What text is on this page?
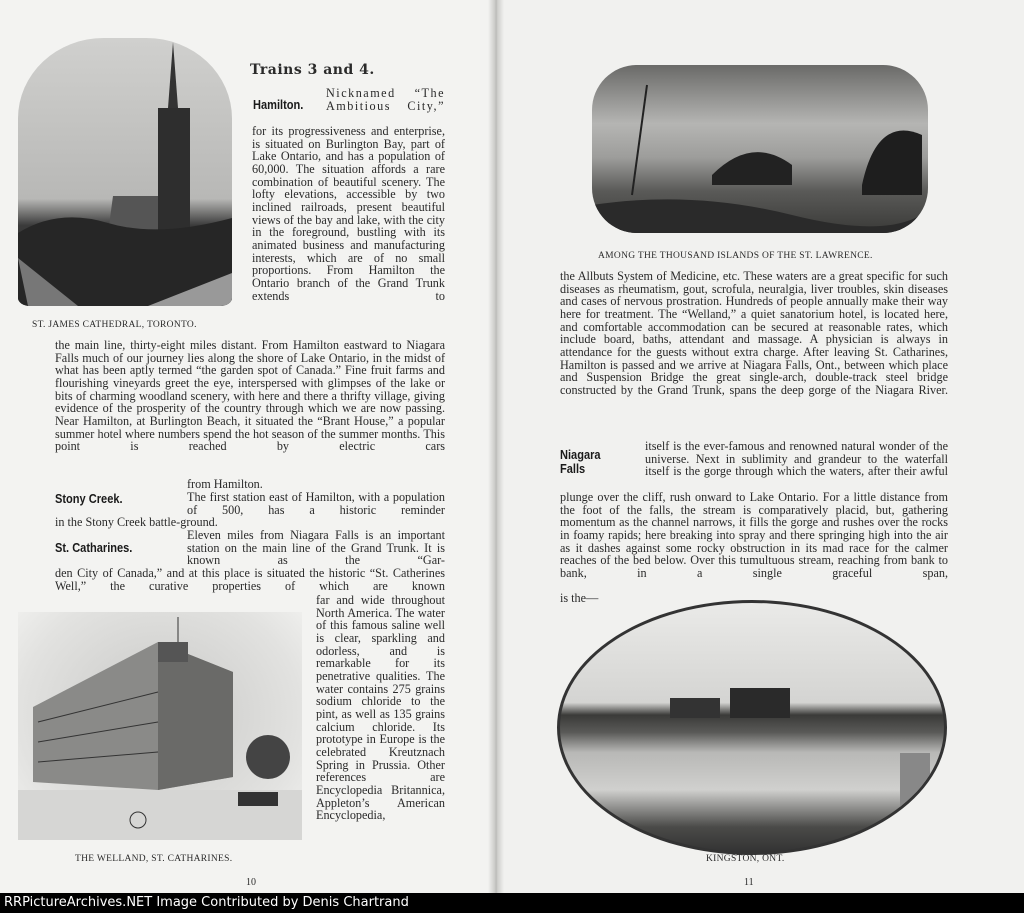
ST. JAMES CATHEDRAL, TORONTO.
Trains 3 and 4.
Hamilton.
Nicknamed “The Ambitious City,”
for its progressiveness and enterprise, is situated on Burlington Bay, part of Lake Ontario, and has a population of 60,000. The situation affords a rare combination of beautiful scenery. The lofty elevations, accessible by two inclined railroads, present beautiful views of the bay and lake, with the city in the foreground, bustling with its animated business and manufacturing interests, which are of no small proportions. From Hamilton the Ontario branch of the Grand Trunk extends to
the main line, thirty-eight miles distant. From Hamilton eastward to Niagara Falls much of our journey lies along the shore of Lake Ontario, in the midst of what has been aptly termed “the garden spot of Canada.” Fine fruit farms and flourishing vineyards greet the eye, interspersed with glimpses of the lake or bits of charming woodland scenery, with here and there a thrifty village, giving evidence of the prosperity of the country through which we are now passing. Near Hamilton, at Burlington Beach, it situated the “Brant House,” a popular summer hotel where numbers spend the hot season of the summer months. This point is reached by electric cars
from Hamilton.
Stony Creek.	The first station east of Hamilton, with a population of 500, has a historic reminder
in the Stony Creek battle-ground.
St. Catharines.
Eleven miles from Niagara Falls is an important station on the main line of the Grand Trunk. It is known as the “Gar-
den City of Canada,” and at this place is situated the historic “St. Catherines Well,” the curative properties of which are known
far and wide throughout North America. The water of this famous saline well is clear, sparkling and odorless, and is remarkable for its penetrative qualities. The water contains 275 grains sodium chloride to the pint, as well as 135 grains calcium chloride. Its prototype in Europe is the celebrated Kreutznach Spring in Prussia. Other references are Encyclopedia Britannica, Appleton’s American Encyclopedia,
THE WELLAND, ST. CATHARINES.
10
AMONG THE THOUSAND ISLANDS OF THE ST. LAWRENCE.
the Allbuts System of Medicine, etc. These waters are a great specific for such diseases as rheumatism, gout, scrofula, neuralgia, liver troubles, skin diseases and cases of nervous prostration. Hundreds of people annually make their way here for treatment. The “Welland,” a quiet sanatorium hotel, is located here, and comfortable accommodation can be secured at reasonable rates, which include board, baths, attendant and massage. A physician is always in attendance for the guests without extra charge. After leaving St. Catharines, Hamilton is passed and we arrive at Niagara Falls, Ont., between which place and Suspension Bridge the great single-arch, double-track steel bridge constructed by the Grand Trunk, spans the deep gorge of the Niagara River.
Niagara Falls
itself is the ever-famous and renowned natural wonder of the universe. Next in sublimity and grandeur to the waterfall itself is the gorge through which the waters, after their awful
plunge over the cliff, rush onward to Lake Ontario. For a little distance from the foot of the falls, the stream is comparatively placid, but, gathering momentum as the channel narrows, it fills the gorge and rushes over the rocks in foamy rapids; here breaking into spray and there springing high into the air as it dashes against some rocky obstruction in its mad race for the calmer reaches of the bed below. Over this tumultuous stream, reaching from bank to bank, in a single graceful span,
is the—
KINGSTON, ONT.
11
RRPictureArchives.NET Image Contributed by Denis Chartrand
